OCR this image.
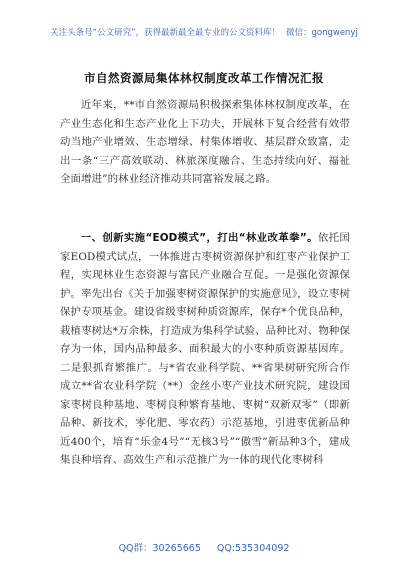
关注头条号“公文研究”，获得最新最全最专业的公文资料库！ 微信：gongwenyj
市自然资源局集体林权制度改革工作情况汇报

近年来，**市自然资源局积极探索集体林权制度改革，在产业生态化和生态产业化上下功夫，开展林下复合经营有效带动当地产业增效、生态增绿、村集体增收、基层群众致富，走出一条“三产高效联动、林旅深度融合、生态持续向好、福祉全面增进”的林业经济推动共同富裕发展之路。

一、创新实施“EOD模式”，打出“林业改革拳”。依托国家EOD模式试点，一体推进古枣树资源保护和红枣产业保护工程，实现林业生态资源与富民产业融合互促。一是强化资源保护。率先出台《关于加强枣树资源保护的实施意见》，设立枣树保护专项基金。建设省级枣树种质资源库，保存*个优良品种，栽植枣树达*万余株，打造成为集科学试验、品种比对、物种保存为一体，国内品种最多、面积最大的小枣种质资源基因库。二是狠抓育繁推广。与*省农业科学院、**省果树研究所合作成立**省农业科学院（**）金丝小枣产业技术研究院，建设国家枣树良种基地、枣树良种繁育基地、枣树“双新双零”（即新品种、新技术，零化肥、零农药）示范基地，引进枣优新品种近400个，培育“乐金4号”“无核3号”“傲雪”新品种3个，建成集良种培育、高效生产和示范推广为一体的现代化枣树科

QQ群：30265665 QQ:535304092
